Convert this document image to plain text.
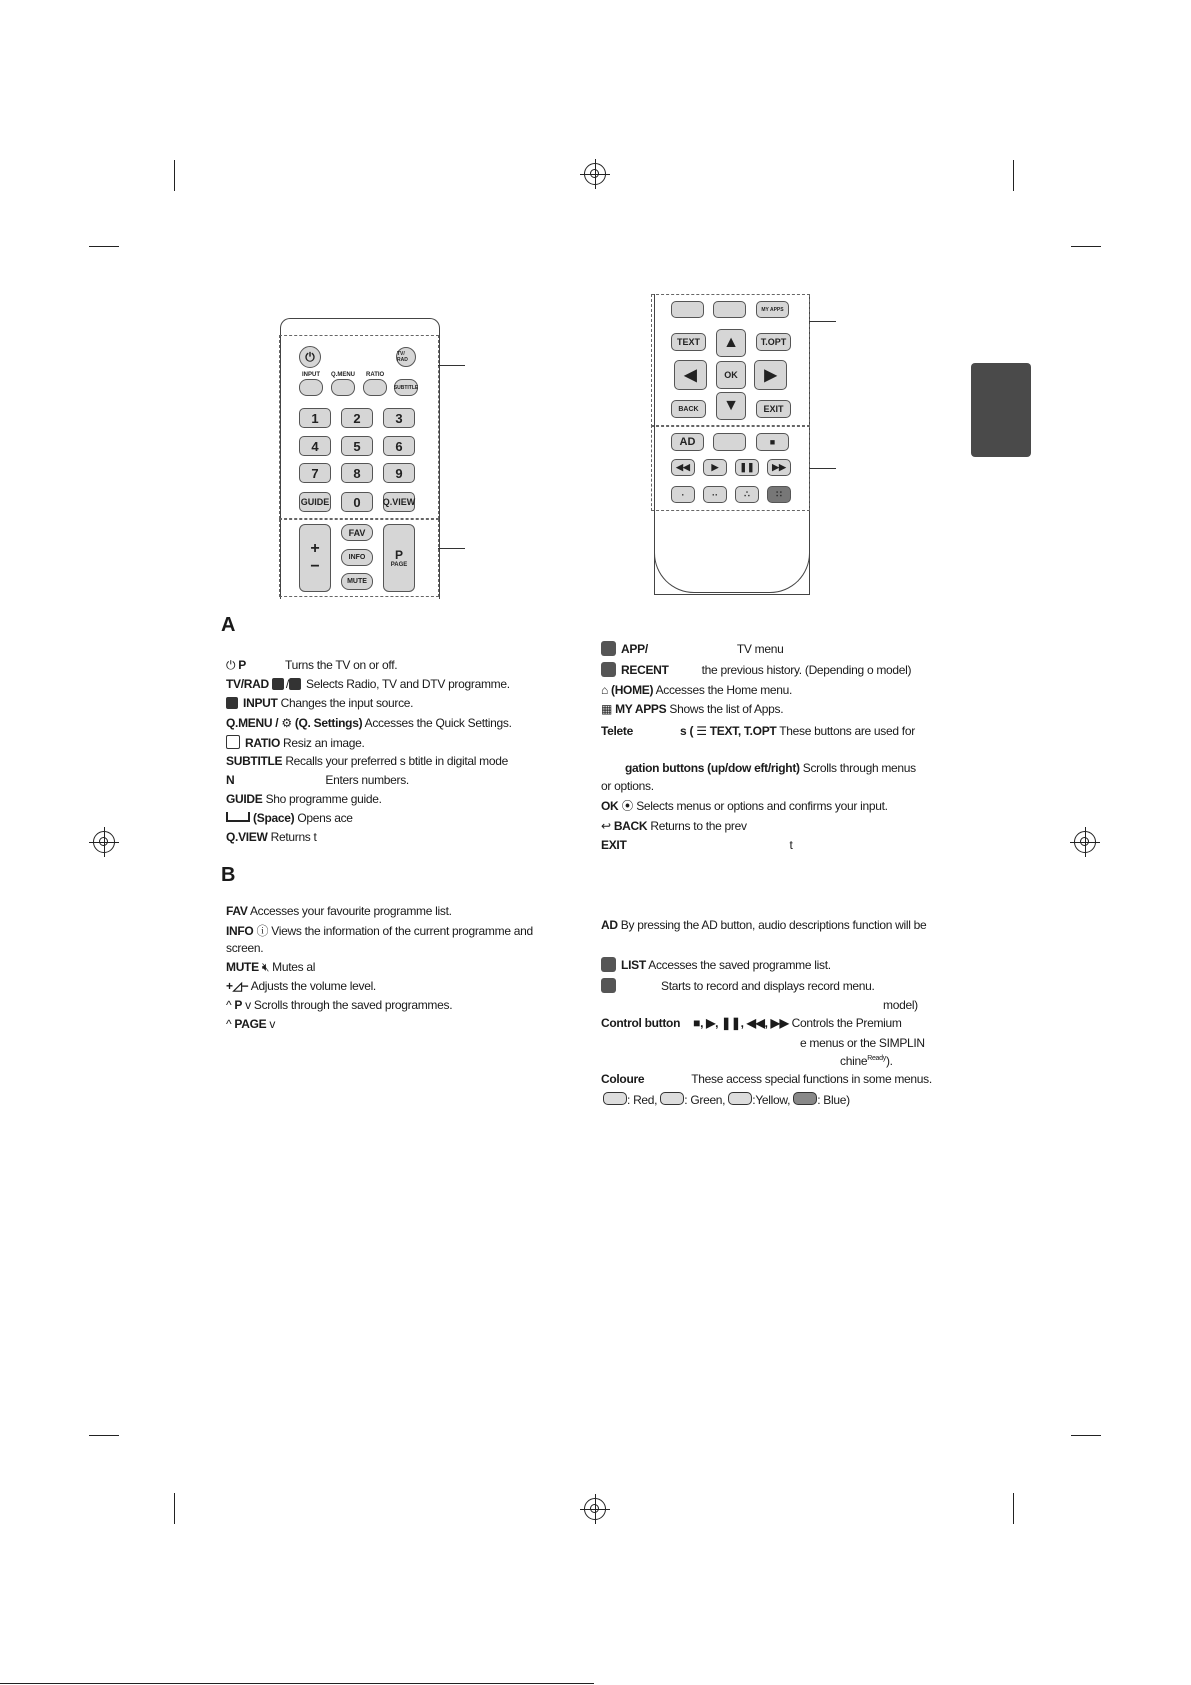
⏻	TV/ RAD
INPUT Q.MENU RATIO
SUBTITLE
1	2	3
4	5	6
7	8	9
GUIDE	0	Q.VIEW
+
−
FAV
INFO
MUTE
P
PAGE
MY APPS
TEXT	T.OPT
▲
◀	OK	▶
▼
BACK	EXIT
AD	■
◀◀	▶	❚❚	▶▶
·	··	∴	∷
A
⏻ P	Turns the TV on or off.
TV/RAD / Selects Radio, TV and DTV programme.
INPUT Changes the input source.
Q.MENU / ⚙ (Q. Settings) Accesses the Quick Settings.
RATIO Resiz an image.
SUBTITLE Recalls your preferred s btitle in digital mode
N	Enters numbers.
GUIDE Sho programme guide.
(Space) Opens ace
Q.VIEW Returns t
B
FAV Accesses your favourite programme list.
INFO ⓘ Views the information of the current programme and
screen.
MUTE 🔇︎ Mutes al
+◿− Adjusts the volume level.
^ P v Scrolls through the saved programmes.
^ PAGE v
APP/	TV menu
RECENT	the previous history. (Depending o model)
⌂ (HOME) Accesses the Home menu.
▦ MY APPS Shows the list of Apps.
Telete	s ( ☰ TEXT, T.OPT These buttons are used for
gation buttons (up/dow eft/right) Scrolls through menus
or options.
OK ⦿ Selects menus or options and confirms your input.
↩ BACK Returns to the prev
EXIT	t
AD By pressing the AD button, audio descriptions function will be
LIST Accesses the saved programme list.
Starts to record and displays record menu.
model)
Control button ■, ▶, ❚❚, ◀◀, ▶▶ Controls the Premium
e menus or the SIMPLIN
chine$^{Ready}$).
Coloure	These access special functions in some menus.
: Red, : Green, :Yellow, : Blue)
